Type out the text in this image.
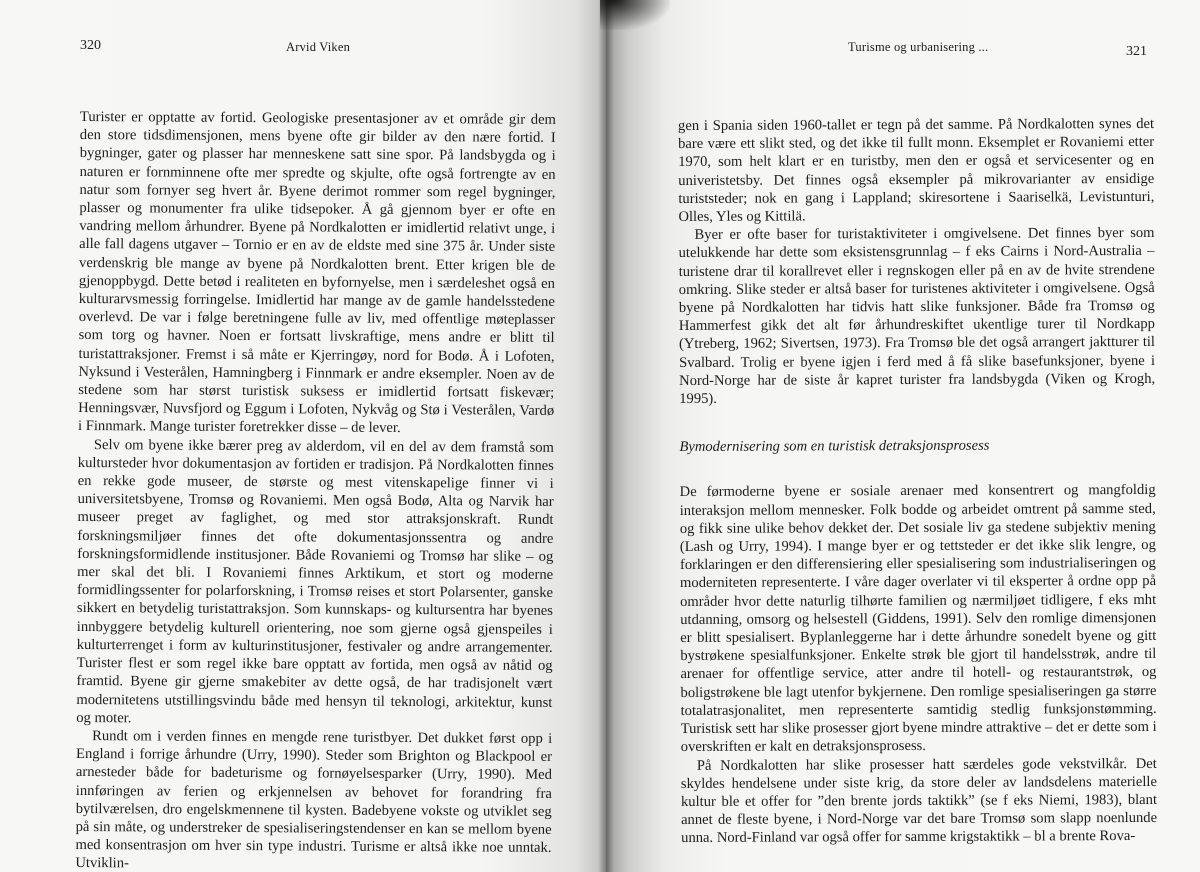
320	Arvid Viken

Turister er opptatte av fortid. Geologiske presentasjoner av et område gir dem den store tidsdimensjonen, mens byene ofte gir bilder av den nære fortid. I bygninger, gater og plasser har menneskene satt sine spor. På landsbygda og i naturen er fornminnene ofte mer spredte og skjulte, ofte også fortrengte av en natur som fornyer seg hvert år. Byene derimot rommer som regel bygninger, plasser og monumenter fra ulike tidsepoker. Å gå gjennom byer er ofte en vandring mellom århundrer. Byene på Nordkalotten er imidlertid relativt unge, i alle fall dagens utgaver – Tornio er en av de eldste med sine 375 år. Under siste verdenskrig ble mange av byene på Nordkalotten brent. Etter krigen ble de gjenoppbygd. Dette betød i realiteten en byfornyelse, men i særdeleshet også en kulturarvsmessig forringelse. Imidlertid har mange av de gamle handelsstedene overlevd. De var i følge beretningene fulle av liv, med offentlige møteplasser som torg og havner. Noen er fortsatt livskraftige, mens andre er blitt til turistattraksjoner. Fremst i så måte er Kjerringøy, nord for Bodø. Å i Lofoten, Nyksund i Vesterålen, Hamningberg i Finnmark er andre eksempler. Noen av de stedene som har størst turistisk suksess er imidlertid fortsatt fiskevær; Henningsvær, Nuvsfjord og Eggum i Lofoten, Nykvåg og Stø i Vesterålen, Vardø i Finnmark. Mange turister foretrekker disse – de lever.

Selv om byene ikke bærer preg av alderdom, vil en del av dem framstå som kultursteder hvor dokumentasjon av fortiden er tradisjon. På Nordkalotten finnes en rekke gode museer, de største og mest vitenskapelige finner vi i universitetsbyene, Tromsø og Rovaniemi. Men også Bodø, Alta og Narvik har museer preget av faglighet, og med stor attraksjonskraft. Rundt forskningsmiljøer finnes det ofte dokumentasjonssentra og andre forskningsformidlende institusjoner. Både Rovaniemi og Tromsø har slike – og mer skal det bli. I Rovaniemi finnes Arktikum, et stort og moderne formidlingssenter for polarforskning, i Tromsø reises et stort Polarsenter, ganske sikkert en betydelig turistattraksjon. Som kunnskaps- og kultursentra har byenes innbyggere betydelig kulturell orientering, noe som gjerne også gjenspeiles i kulturterrenget i form av kulturinstitusjoner, festivaler og andre arrangementer. Turister flest er som regel ikke bare opptatt av fortida, men også av nåtid og framtid. Byene gir gjerne smakebiter av dette også, de har tradisjonelt vært modernitetens utstillingsvindu både med hensyn til teknologi, arkitektur, kunst og moter.

Rundt om i verden finnes en mengde rene turistbyer. Det dukket først opp i England i forrige århundre (Urry, 1990). Steder som Brighton og Blackpool er arnesteder både for badeturisme og fornøyelsesparker (Urry, 1990). Med innføringen av ferien og erkjennelsen av behovet for forandring fra bytilværelsen, dro engelskmennene til kysten. Badebyene vokste og utviklet seg på sin måte, og understreker de spesialiseringstendenser en kan se mellom byene med konsentrasjon om hver sin type industri. Turisme er altså ikke noe unntak. Utviklin-

Turisme og urbanisering ...	321

gen i Spania siden 1960-tallet er tegn på det samme. På Nordkalotten synes det bare være ett slikt sted, og det ikke til fullt monn. Eksemplet er Rovaniemi etter 1970, som helt klart er en turistby, men den er også et servicesenter og en univeristetsby. Det finnes også eksempler på mikrovarianter av ensidige turiststeder; nok en gang i Lappland; skiresortene i Saariselkä, Levistunturi, Olles, Yles og Kittilä.

Byer er ofte baser for turistaktiviteter i omgivelsene. Det finnes byer som utelukkende har dette som eksistensgrunnlag – f eks Cairns i Nord-Australia – turistene drar til korallrevet eller i regnskogen eller på en av de hvite strendene omkring. Slike steder er altså baser for turistenes aktiviteter i omgivelsene. Også byene på Nordkalotten har tidvis hatt slike funksjoner. Både fra Tromsø og Hammerfest gikk det alt før århundreskiftet ukentlige turer til Nordkapp (Ytreberg, 1962; Sivertsen, 1973). Fra Tromsø ble det også arrangert jaktturer til Svalbard. Trolig er byene igjen i ferd med å få slike basefunksjoner, byene i Nord-Norge har de siste år kapret turister fra landsbygda (Viken og Krogh, 1995).

Bymodernisering som en turistisk detraksjonsprosess

De førmoderne byene er sosiale arenaer med konsentrert og mangfoldig interaksjon mellom mennesker. Folk bodde og arbeidet omtrent på samme sted, og fikk sine ulike behov dekket der. Det sosiale liv ga stedene subjektiv mening (Lash og Urry, 1994). I mange byer er og tettsteder er det ikke slik lengre, og forklaringen er den differensiering eller spesialisering som industrialiseringen og moderniteten representerte. I våre dager overlater vi til eksperter å ordne opp på områder hvor dette naturlig tilhørte familien og nærmiljøet tidligere, f eks mht utdanning, omsorg og helsestell (Giddens, 1991). Selv den romlige dimensjonen er blitt spesialisert. Byplanleggerne har i dette århundre sonedelt byene og gitt bystrøkene spesialfunksjoner. Enkelte strøk ble gjort til handelsstrøk, andre til arenaer for offentlige service, atter andre til hotell- og restaurantstrøk, og boligstrøkene ble lagt utenfor bykjernene. Den romlige spesialiseringen ga større totalatrasjonalitet, men representerte samtidig stedlig funksjonstømming. Turistisk sett har slike prosesser gjort byene mindre attraktive – det er dette som i overskriften er kalt en detraksjonsprosess.

På Nordkalotten har slike prosesser hatt særdeles gode vekstvilkår. Det skyldes hendelsene under siste krig, da store deler av landsdelens materielle kultur ble et offer for ”den brente jords taktikk” (se f eks Niemi, 1983), blant annet de fleste byene, i Nord-Norge var det bare Tromsø som slapp noenlunde unna. Nord-Finland var også offer for samme krigstaktikk – bl a brente Rova-
